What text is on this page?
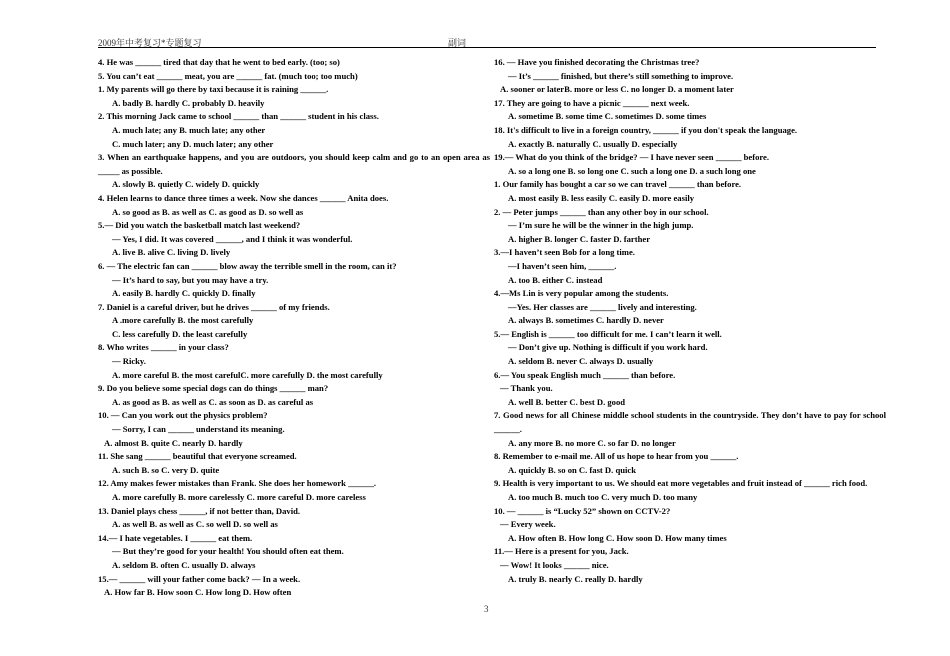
2009年中考复习*专题复习	副词
4. He was ______ tired that day that he went to bed early. (too; so)
5. You can’t eat ______ meat, you are ______ fat. (much too; too much)
1. My parents will go there by taxi because it is raining ______.
A. badly B. hardly C. probably D. heavily
2. This morning Jack came to school ______ than ______ student in his class.
A. much late; any B. much late; any other
C. much later; any D. much later; any other
3. When an earthquake happens, and you are outdoors, you should keep calm and go to an open area as _____ as possible.
A. slowly B. quietly C. widely D. quickly
4. Helen learns to dance three times a week. Now she dances ______ Anita does.
A. so good as B. as well as C. as good as D. so well as
5.— Did you watch the basketball match last weekend?
— Yes, I did. It was covered ______, and I think it was wonderful.
A. live B. alive C. living D. lively
6. — The electric fan can ______ blow away the terrible smell in the room, can it?
— It’s hard to say, but you may have a try.
A. easily B. hardly C. quickly D. finally
7. Daniel is a careful driver, but he drives ______ of my friends.
A .more carefully B. the most carefully
C. less carefully D. the least carefully
8. Who writes ______ in your class?
— Ricky.
A. more careful B. the most carefulC. more carefully D. the most carefully
9. Do you believe some special dogs can do things ______ man?
A. as good as B. as well as C. as soon as D. as careful as
10. — Can you work out the physics problem?
— Sorry, I can ______ understand its meaning.
A. almost B. quite C. nearly D. hardly
11. She sang ______ beautiful that everyone screamed.
A. such B. so C. very D. quite
12. Amy makes fewer mistakes than Frank. She does her homework ______.
A. more carefully B. more carelessly C. more careful D. more careless
13. Daniel plays chess ______, if not better than, David.
A. as well B. as well as C. so well D. so well as
14.— I hate vegetables. I ______ eat them.
— But they’re good for your health! You should often eat them.
A. seldom B. often C. usually D. always
15.— ______ will your father come back? — In a week.
A. How far B. How soon C. How long D. How often
16. — Have you finished decorating the Christmas tree?
— It’s ______ finished, but there’s still something to improve.
A. sooner or laterB. more or less C. no longer D. a moment later
17. They are going to have a picnic ______ next week.
A. sometime B. some time C. sometimes D. some times
18. It's difficult to live in a foreign country, ______ if you don't speak the language.
A. exactly B. naturally C. usually D. especially
19.— What do you think of the bridge? — I have never seen ______ before.
A. so a long one B. so long one C. such a long one D. a such long one
1. Our family has bought a car so we can travel ______ than before.
A. most easily B. less easily C. easily D. more easily
2. — Peter jumps ______ than any other boy in our school.
— I’m sure he will be the winner in the high jump.
A. higher B. longer C. faster D. farther
3.—I haven’t seen Bob for a long time.
—I haven’t seen him, ______.
A. too B. either C. instead
4.—Ms Lin is very popular among the students.
—Yes. Her classes are ______ lively and interesting.
A. always B. sometimes C. hardly D. never
5.— English is ______ too difficult for me. I can’t learn it well.
— Don’t give up. Nothing is difficult if you work hard.
A. seldom B. never C. always D. usually
6.— You speak English much ______ than before.
— Thank you.
A. well B. better C. best D. good
7. Good news for all Chinese middle school students in the countryside. They don’t have to pay for school ______.
A. any more B. no more C. so far D. no longer
8. Remember to e-mail me. All of us hope to hear from you ______.
A. quickly B. so on C. fast D. quick
9. Health is very important to us. We should eat more vegetables and fruit instead of ______ rich food.
A. too much B. much too C. very much D. too many
10. — ______ is “Lucky 52” shown on CCTV-2?
— Every week.
A. How often B. How long C. How soon D. How many times
11.— Here is a present for you, Jack.
— Wow! It looks ______ nice.
A. truly B. nearly C. really D. hardly
3
